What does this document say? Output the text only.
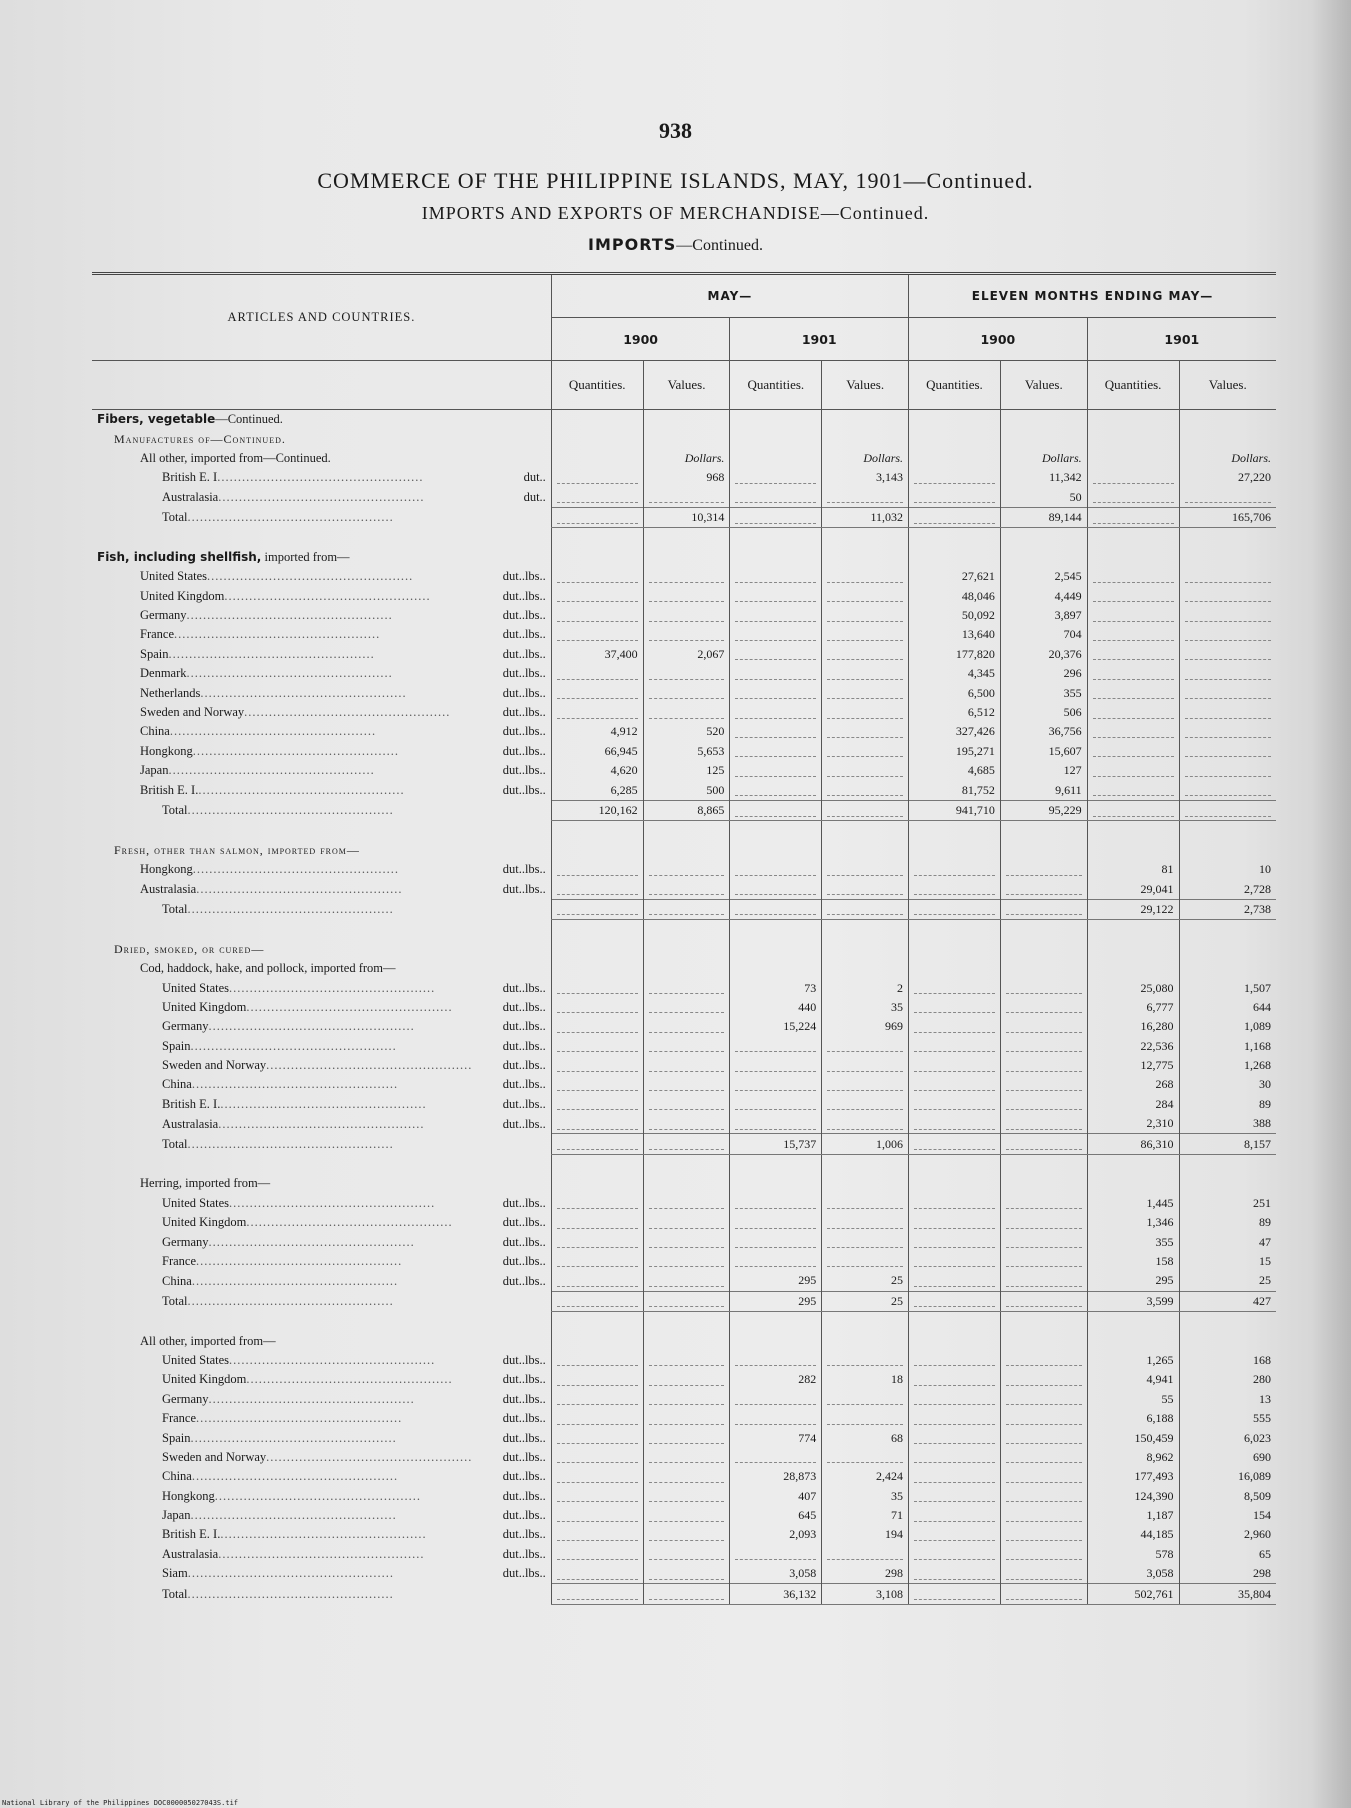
938
COMMERCE OF THE PHILIPPINE ISLANDS, MAY, 1901—Continued.
IMPORTS AND EXPORTS OF MERCHANDISE—Continued.
IMPORTS—Continued.
ARTICLES AND COUNTRIES.	MAY—				ELEVEN MONTHS ENDING MAY—			
	1900		1901		1900		1901	
	Quantities.	Values.	Quantities.	Values.	Quantities.	Values.	Quantities.	Values.
Fibers, vegetable—Continued.								
Manufactures of—Continued.								
All other, imported from—Continued.		Dollars.		Dollars.		Dollars.		Dollars.
British E. I.................................................. dut..		968		3,143		11,342		27,220
Australasia.................................................. dut..						50	

Total..................................................		10,314		11,032		89,144		165,706

Fish, including shellfish, imported from—								
United States.................................................. dut..lbs..					27,621	2,545	

United Kingdom.................................................. dut..lbs..					48,046	4,449	

Germany.................................................. dut..lbs..					50,092	3,897	

France.................................................. dut..lbs..					13,640	704	

Spain.................................................. dut..lbs..	37,400	2,067			177,820	20,376	

Denmark.................................................. dut..lbs..					4,345	296	

Netherlands.................................................. dut..lbs..					6,500	355	

Sweden and Norway.................................................. dut..lbs..					6,512	506	

China.................................................. dut..lbs..	4,912	520			327,426	36,756	

Hongkong.................................................. dut..lbs..	66,945	5,653			195,271	15,607	

Japan.................................................. dut..lbs..	4,620	125			4,685	127	

British E. I................................................... dut..lbs..	6,285	500			81,752	9,611	

Total..................................................	120,162	8,865			941,710	95,229	

Fresh, other than salmon, imported from—								
Hongkong.................................................. dut..lbs..							81	10
Australasia.................................................. dut..lbs..							29,041	2,728
Total..................................................							29,122	2,738

Dried, smoked, or cured—								
Cod, haddock, hake, and pollock, imported from—								
United States.................................................. dut..lbs..			73	2			25,080	1,507
United Kingdom.................................................. dut..lbs..			440	35			6,777	644
Germany.................................................. dut..lbs..			15,224	969			16,280	1,089
Spain.................................................. dut..lbs..							22,536	1,168
Sweden and Norway.................................................. dut..lbs..							12,775	1,268
China.................................................. dut..lbs..							268	30
British E. I................................................... dut..lbs..							284	89
Australasia.................................................. dut..lbs..							2,310	388
Total..................................................			15,737	1,006			86,310	8,157

Herring, imported from—								
United States.................................................. dut..lbs..							1,445	251
United Kingdom.................................................. dut..lbs..							1,346	89
Germany.................................................. dut..lbs..							355	47
France.................................................. dut..lbs..							158	15
China.................................................. dut..lbs..			295	25			295	25
Total..................................................			295	25			3,599	427

All other, imported from—								
United States.................................................. dut..lbs..							1,265	168
United Kingdom.................................................. dut..lbs..			282	18			4,941	280
Germany.................................................. dut..lbs..							55	13
France.................................................. dut..lbs..							6,188	555
Spain.................................................. dut..lbs..			774	68			150,459	6,023
Sweden and Norway.................................................. dut..lbs..							8,962	690
China.................................................. dut..lbs..			28,873	2,424			177,493	16,089
Hongkong.................................................. dut..lbs..			407	35			124,390	8,509
Japan.................................................. dut..lbs..			645	71			1,187	154
British E. I................................................... dut..lbs..			2,093	194			44,185	2,960
Australasia.................................................. dut..lbs..							578	65
Siam.................................................. dut..lbs..			3,058	298			3,058	298
Total..................................................			36,132	3,108			502,761	35,804
National Library of the Philippines DOC000005027043S.tif
